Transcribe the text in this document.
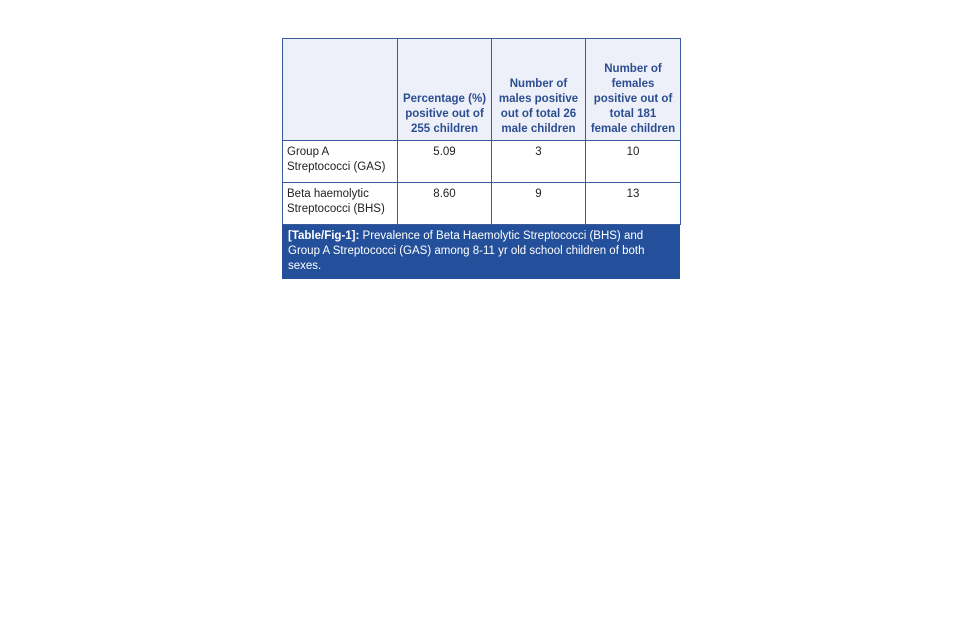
	Percentage (%) positive out of 255 children	Number of males positive out of total 26 male children	Number of females positive out of total 181 female children
Group A Streptococci (GAS)	5.09	3	10
Beta haemolytic Streptococci (BHS)	8.60	9	13
[Table/Fig-1]: Prevalence of Beta Haemolytic Streptococci (BHS) and Group A Streptococci (GAS) among 8-11 yr old school children of both sexes.
